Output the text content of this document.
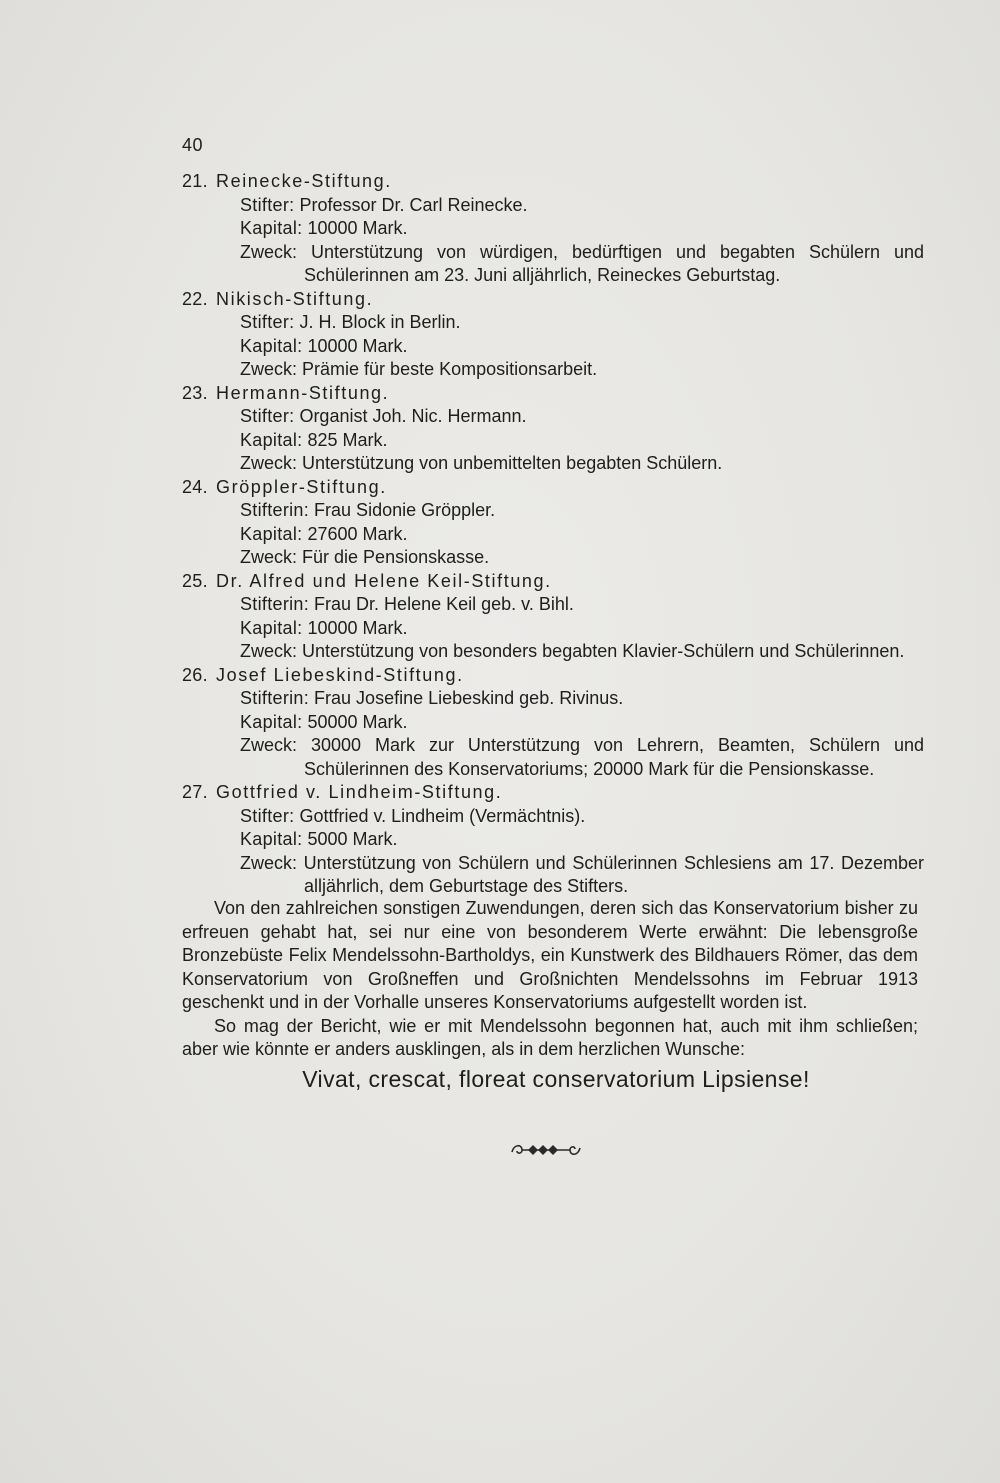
40
21. Reinecke-Stiftung.
Stifter: Professor Dr. Carl Reinecke.
Kapital: 10000 Mark.
Zweck: Unterstützung von würdigen, bedürftigen und begabten Schülern und Schülerinnen am 23. Juni alljährlich, Reineckes Geburtstag.
22. Nikisch-Stiftung.
Stifter: J. H. Block in Berlin.
Kapital: 10000 Mark.
Zweck: Prämie für beste Kompositionsarbeit.
23. Hermann-Stiftung.
Stifter: Organist Joh. Nic. Hermann.
Kapital: 825 Mark.
Zweck: Unterstützung von unbemittelten begabten Schülern.
24. Gröppler-Stiftung.
Stifterin: Frau Sidonie Gröppler.
Kapital: 27600 Mark.
Zweck: Für die Pensionskasse.
25. Dr. Alfred und Helene Keil-Stiftung.
Stifterin: Frau Dr. Helene Keil geb. v. Bihl.
Kapital: 10000 Mark.
Zweck: Unterstützung von besonders begabten Klavier-Schülern und Schülerinnen.
26. Josef Liebeskind-Stiftung.
Stifterin: Frau Josefine Liebeskind geb. Rivinus.
Kapital: 50000 Mark.
Zweck: 30000 Mark zur Unterstützung von Lehrern, Beamten, Schülern und Schülerinnen des Konservatoriums; 20000 Mark für die Pensionskasse.
27. Gottfried v. Lindheim-Stiftung.
Stifter: Gottfried v. Lindheim (Vermächtnis).
Kapital: 5000 Mark.
Zweck: Unterstützung von Schülern und Schülerinnen Schlesiens am 17. Dezember alljährlich, dem Geburtstage des Stifters.

Von den zahlreichen sonstigen Zuwendungen, deren sich das Konservatorium bisher zu erfreuen gehabt hat, sei nur eine von besonderem Werte erwähnt: Die lebensgroße Bronzebüste Felix Mendelssohn-Bartholdys, ein Kunstwerk des Bildhauers Römer, das dem Konservatorium von Großneffen und Großnichten Mendelssohns im Februar 1913 geschenkt und in der Vorhalle unseres Konservatoriums aufgestellt worden ist.

So mag der Bericht, wie er mit Mendelssohn begonnen hat, auch mit ihm schließen; aber wie könnte er anders ausklingen, als in dem herzlichen Wunsche:

Vivat, crescat, floreat conservatorium Lipsiense!
